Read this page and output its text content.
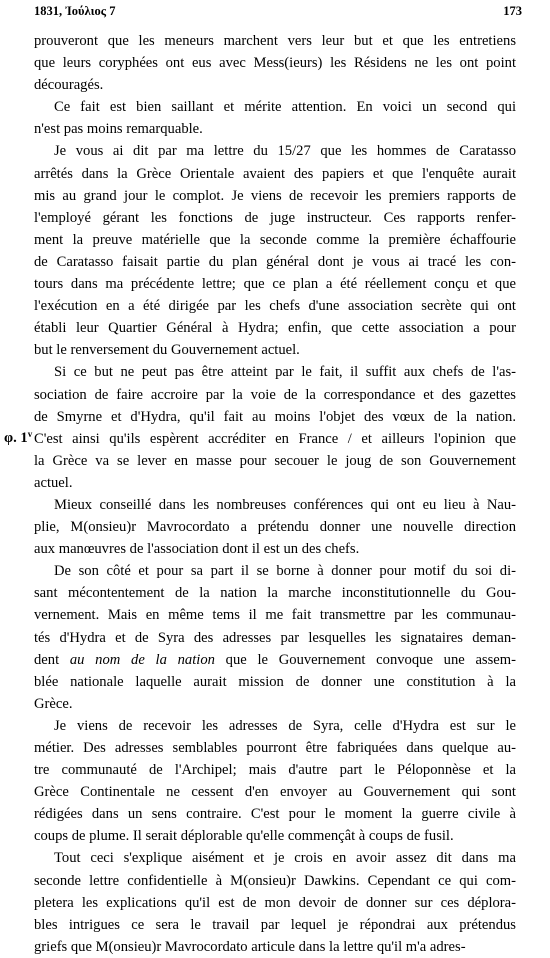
1831, Ἰούλιος 7	173
φ. 1$^v$
prouveront que les meneurs marchent vers leur but et que les entretiens
que leurs coryphées ont eus avec Mess(ieurs) les Résidens ne les ont point
découragés.
Ce fait est bien saillant et mérite attention. En voici un second qui
n'est pas moins remarquable.
Je vous ai dit par ma lettre du 15/27 que les hommes de Caratasso
arrêtés dans la Grèce Orientale avaient des papiers et que l'enquête aurait
mis au grand jour le complot. Je viens de recevoir les premiers rapports de
l'employé gérant les fonctions de juge instructeur. Ces rapports renfer-
ment la preuve matérielle que la seconde comme la première échaffourie
de Caratasso faisait partie du plan général dont je vous ai tracé les con-
tours dans ma précédente lettre; que ce plan a été réellement conçu et que
l'exécution en a été dirigée par les chefs d'une association secrète qui ont
établi leur Quartier Général à Hydra; enfin, que cette association a pour
but le renversement du Gouvernement actuel.
Si ce but ne peut pas être atteint par le fait, il suffit aux chefs de l'as-
sociation de faire accroire par la voie de la correspondance et des gazettes
de Smyrne et d'Hydra, qu'il fait au moins l'objet des vœux de la nation.
C'est ainsi qu'ils espèrent accréditer en France / et ailleurs l'opinion que
la Grèce va se lever en masse pour secouer le joug de son Gouvernement
actuel.
Mieux conseillé dans les nombreuses conférences qui ont eu lieu à Nau-
plie, M(onsieu)r Mavrocordato a prétendu donner une nouvelle direction
aux manœuvres de l'association dont il est un des chefs.
De son côté et pour sa part il se borne à donner pour motif du soi di-
sant mécontentement de la nation la marche inconstitutionnelle du Gou-
vernement. Mais en même tems il me fait transmettre par les communau-
tés d'Hydra et de Syra des adresses par lesquelles les signataires deman-
dent au nom de la nation que le Gouvernement convoque une assem-
blée nationale laquelle aurait mission de donner une constitution à la
Grèce.
Je viens de recevoir les adresses de Syra, celle d'Hydra est sur le
métier. Des adresses semblables pourront être fabriquées dans quelque au-
tre communauté de l'Archipel; mais d'autre part le Péloponnèse et la
Grèce Continentale ne cessent d'en envoyer au Gouvernement qui sont
rédigées dans un sens contraire. C'est pour le moment la guerre civile à
coups de plume. Il serait déplorable qu'elle commençât à coups de fusil.
Tout ceci s'explique aisément et je crois en avoir assez dit dans ma
seconde lettre confidentielle à M(onsieu)r Dawkins. Cependant ce qui com-
pletera les explications qu'il est de mon devoir de donner sur ces déplora-
bles intrigues ce sera le travail par lequel je répondrai aux prétendus
griefs que M(onsieu)r Mavrocordato articule dans la lettre qu'il m'a adres-
